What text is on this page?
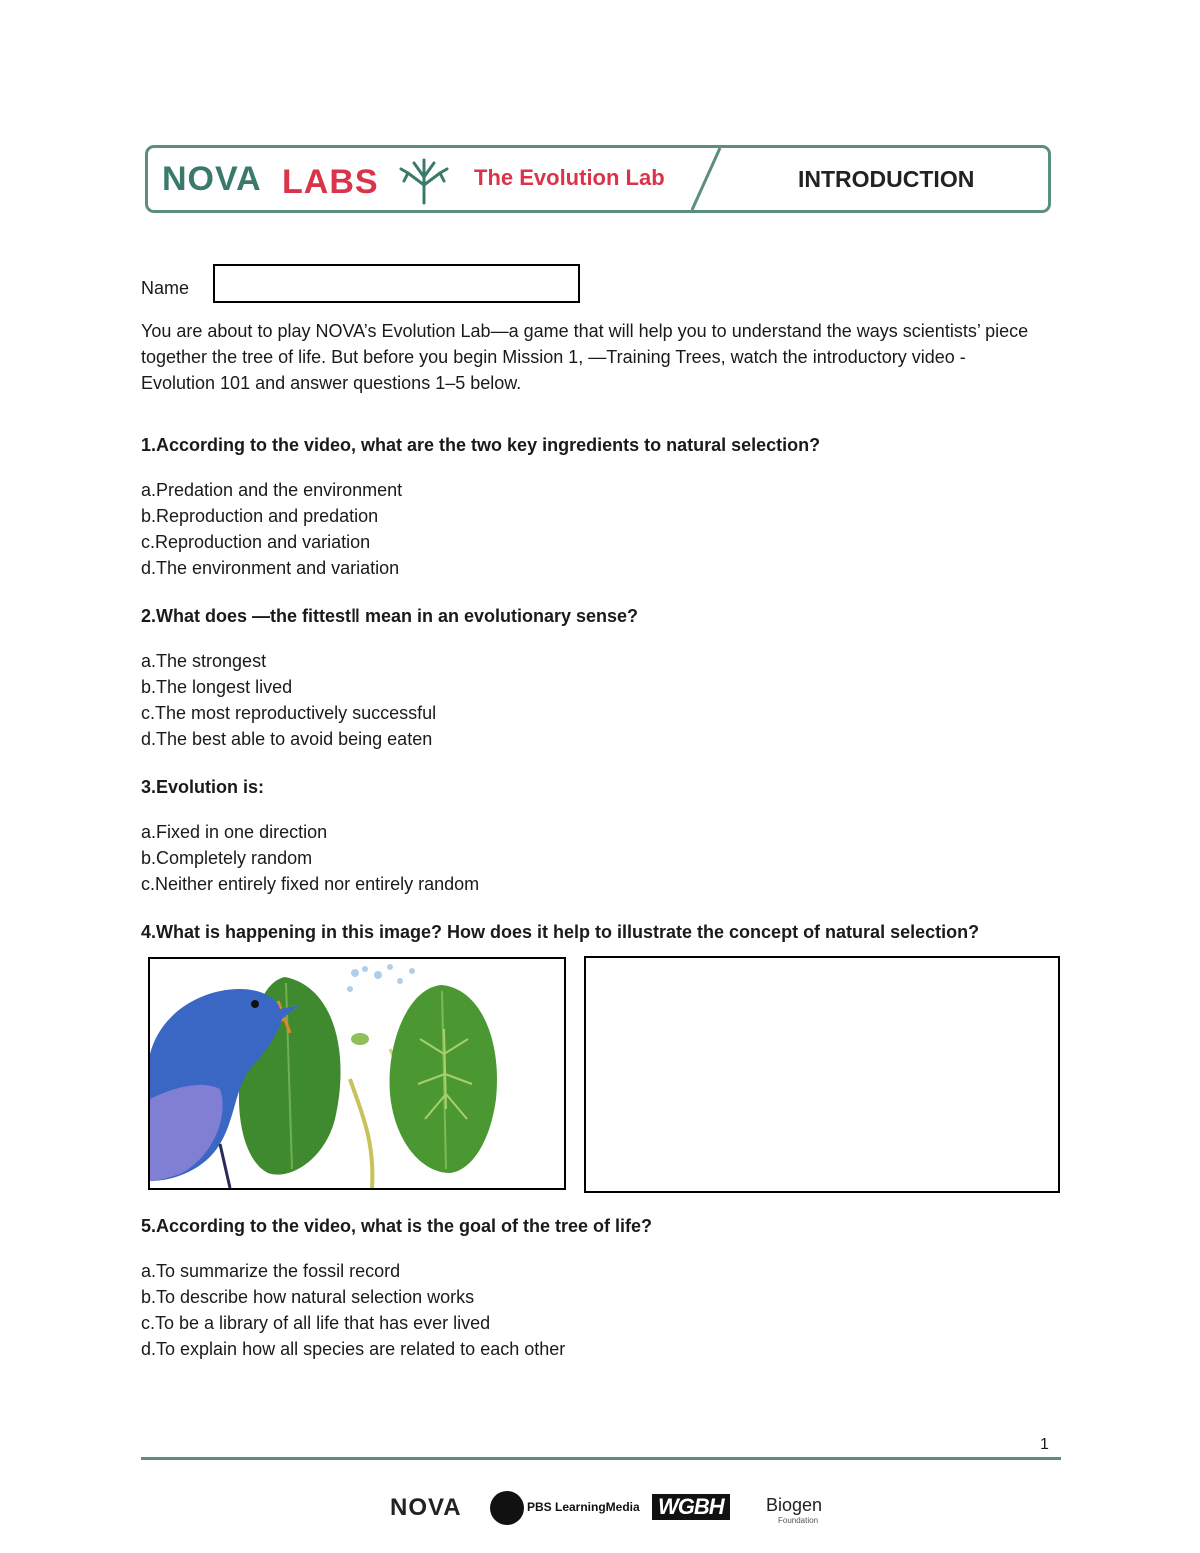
NOVA LABS	The Evolution Lab	INTRODUCTION
Name
You are about to play NOVA’s Evolution Lab—a game that will help you to understand the ways scientists’ piece together the tree of life. But before you begin Mission 1, ―Training Trees, watch the introductory video - Evolution 101 and answer questions 1–5 below.
1.According to the video, what are the two key ingredients to natural selection?
a.Predation and the environment
b.Reproduction and predation
c.Reproduction and variation
d.The environment and variation
2.What does ―the fittest‖ mean in an evolutionary sense?
a.The strongest
b.The longest lived
c.The most reproductively successful
d.The best able to avoid being eaten
3.Evolution is:
a.Fixed in one direction
b.Completely random
c.Neither entirely fixed nor entirely random
4.What is happening in this image? How does it help to illustrate the concept of natural selection?
5.According to the video, what is the goal of the tree of life?
a.To summarize the fossil record
b.To describe how natural selection works
c.To be a library of all life that has ever lived
d.To explain how all species are related to each other
1
NOVA	PBS LearningMedia WGBH	Biogen
Foundation
